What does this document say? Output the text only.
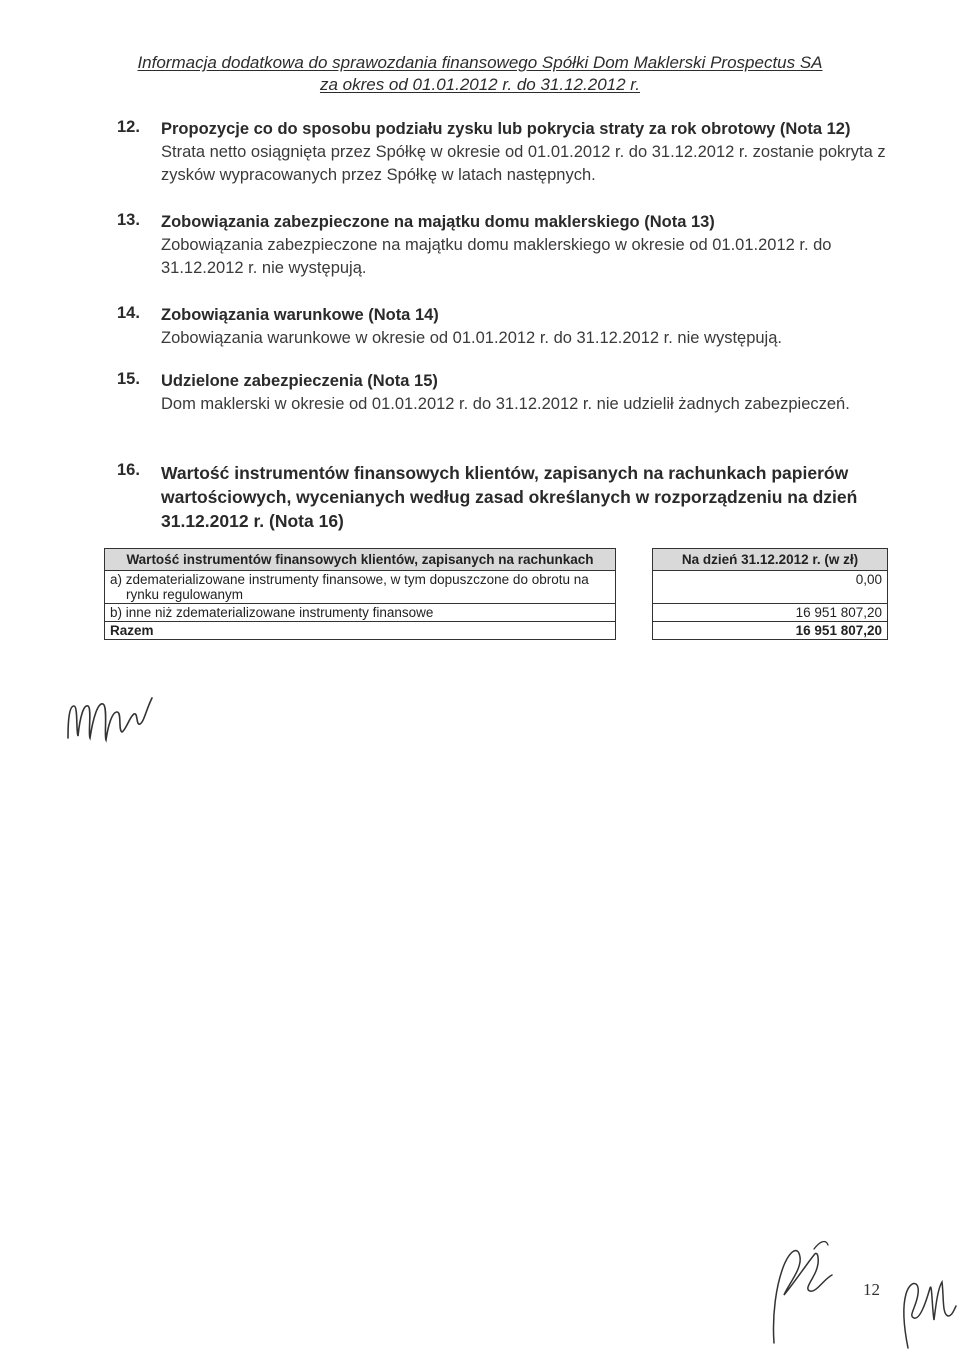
Informacja dodatkowa do sprawozdania finansowego Spółki Dom Maklerski Prospectus SA
za okres od 01.01.2012 r. do 31.12.2012 r.
12. Propozycje co do sposobu podziału zysku lub pokrycia straty za rok obrotowy (Nota 12)
Strata netto osiągnięta przez Spółkę w okresie od 01.01.2012 r. do 31.12.2012 r. zostanie pokryta z zysków wypracowanych przez Spółkę w latach następnych.
13. Zobowiązania zabezpieczone na majątku domu maklerskiego (Nota 13)
Zobowiązania zabezpieczone na majątku domu maklerskiego w okresie od 01.01.2012 r. do 31.12.2012 r. nie występują.
14. Zobowiązania warunkowe (Nota 14)
Zobowiązania warunkowe w okresie od 01.01.2012 r. do 31.12.2012 r. nie występują.
15. Udzielone zabezpieczenia (Nota 15)
Dom maklerski w okresie od 01.01.2012 r. do 31.12.2012 r. nie udzielił żadnych zabezpieczeń.
16. Wartość instrumentów finansowych klientów, zapisanych na rachunkach papierów wartościowych, wycenianych według zasad określanych w rozporządzeniu na dzień 31.12.2012 r. (Nota 16)
Wartość instrumentów finansowych klientów, zapisanych na rachunkach		Na dzień 31.12.2012 r. (w zł)
a) zdematerializowane instrumenty finansowe, w tym dopuszczone do obrotu na
rynku regulowanym		0,00
b) inne niż zdematerializowane instrumenty finansowe		16 951 807,20
Razem		16 951 807,20
12
